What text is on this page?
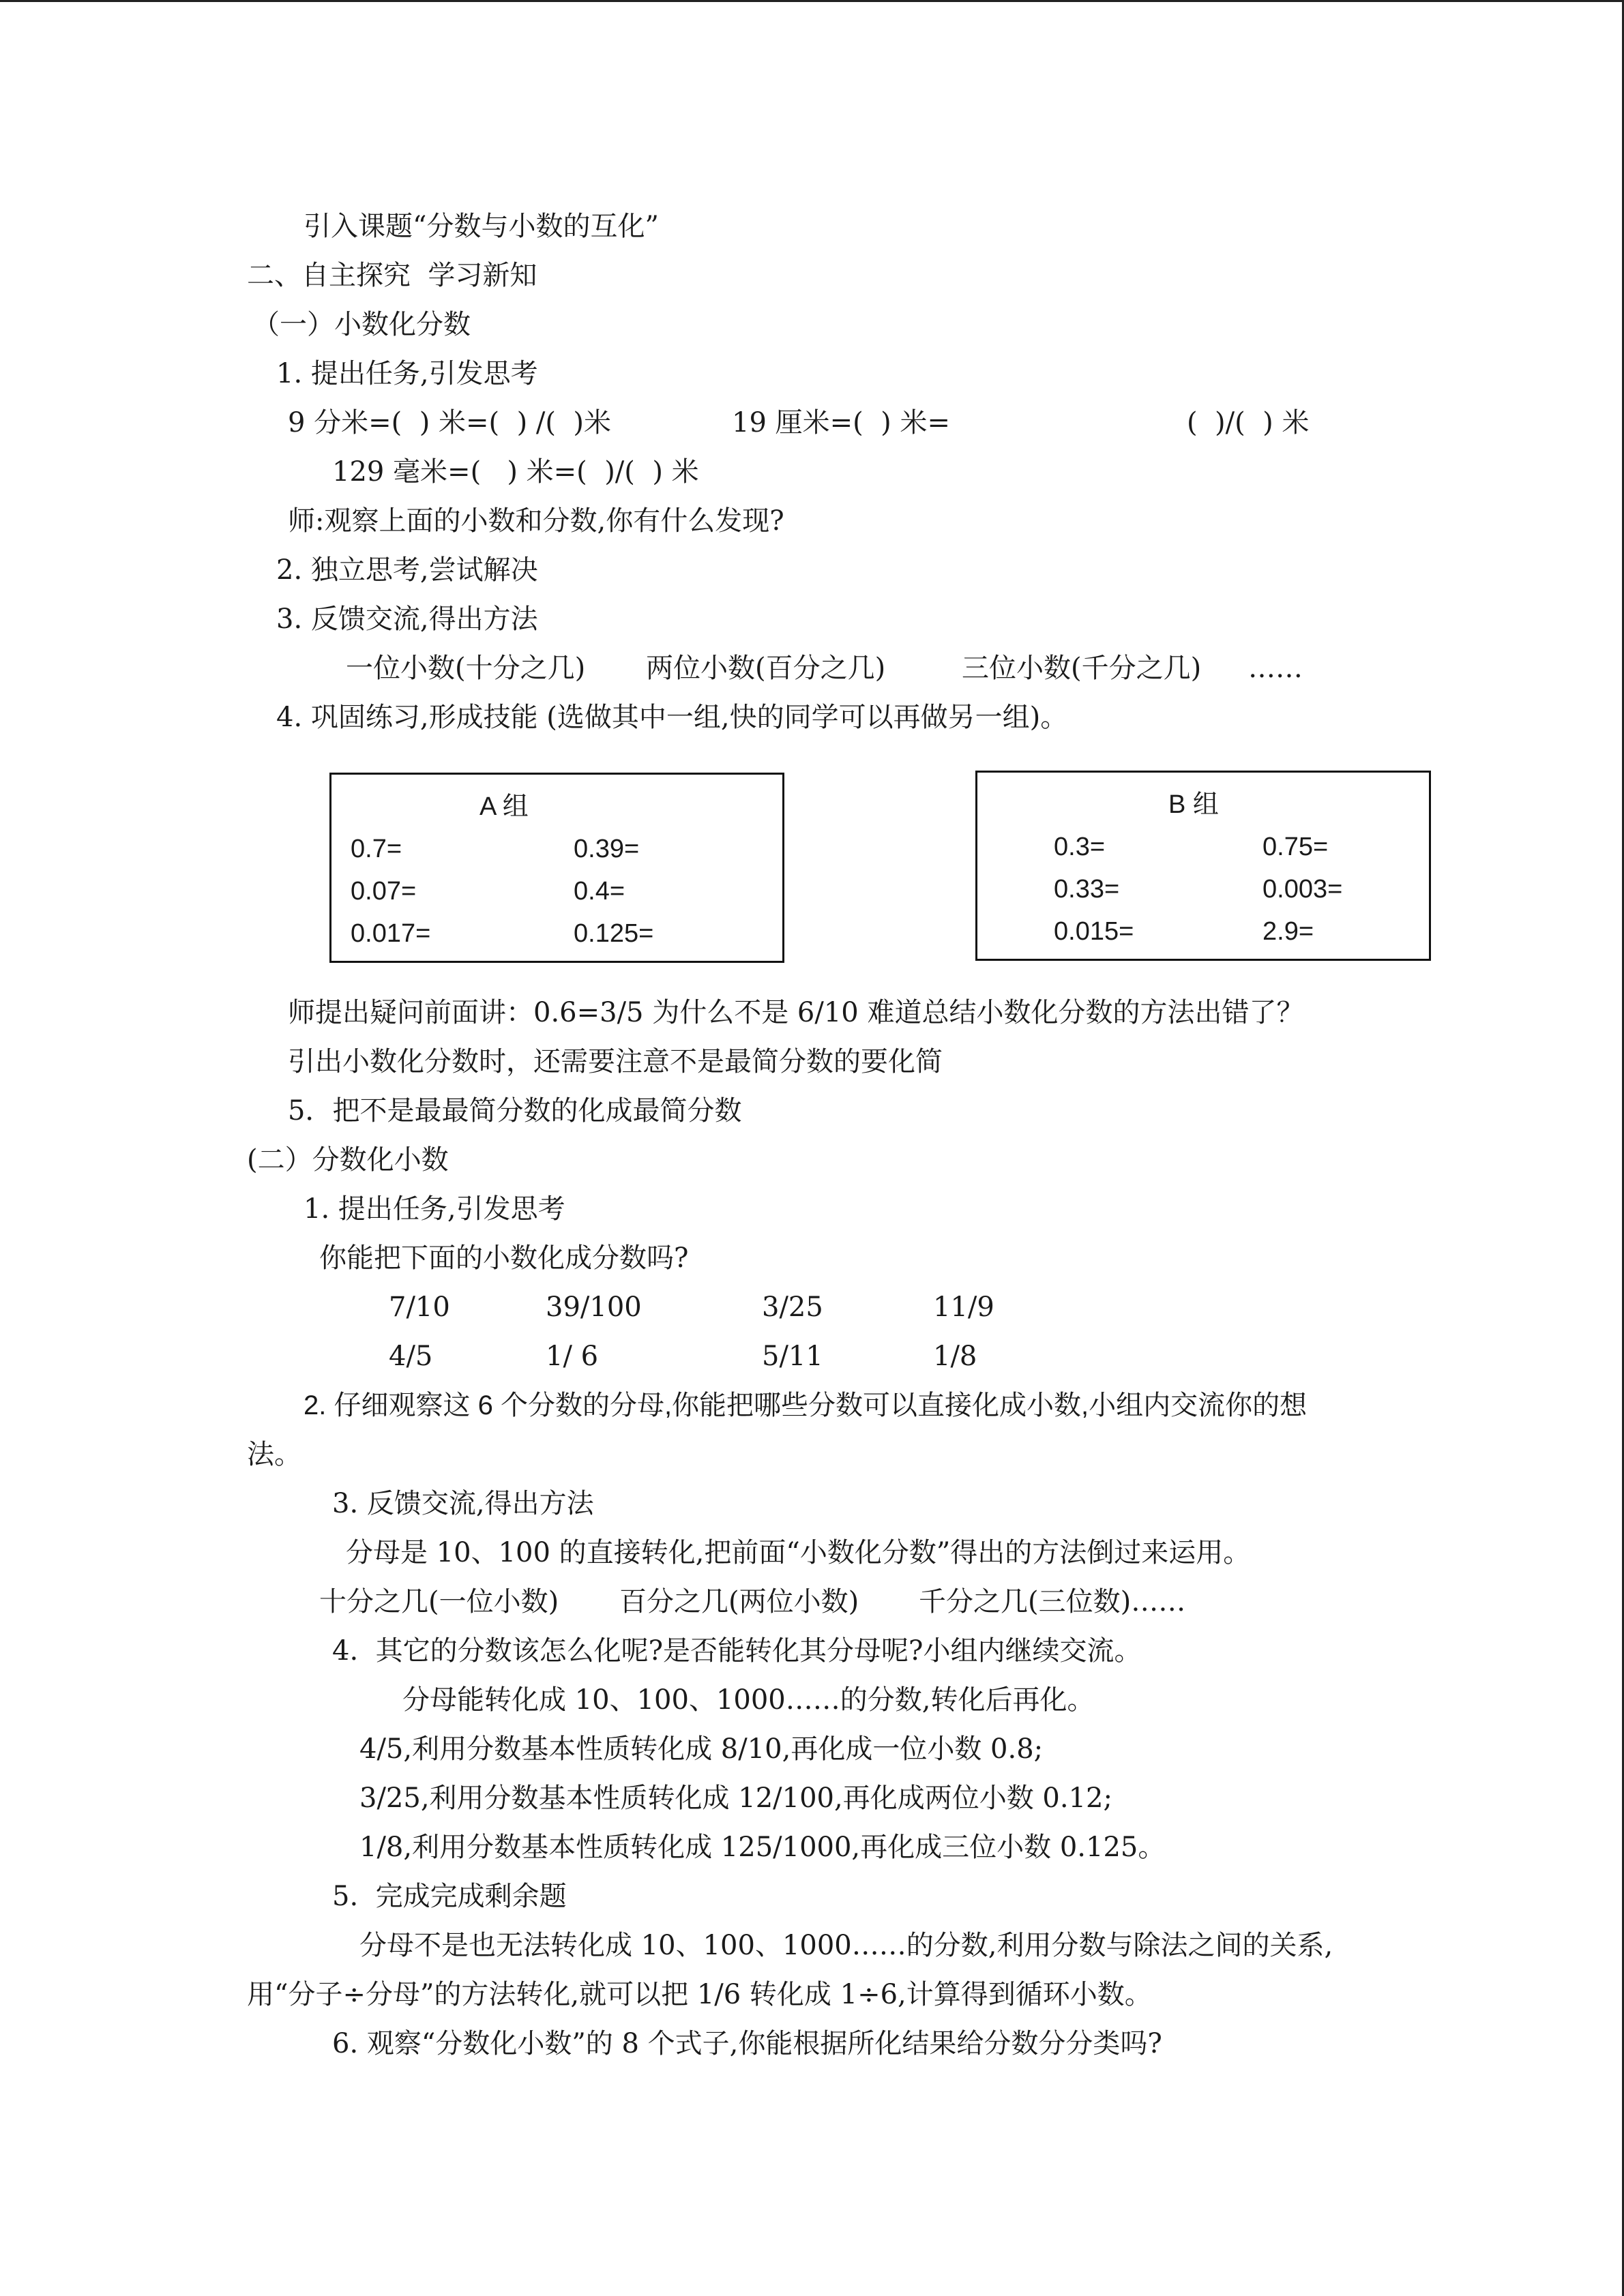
引入课题“分数与小数的互化”
二、自主探究  学习新知
（一）小数化分数
1. 提出任务,引发思考
9 分米=(  ) 米=(  ) /(  )米	19 厘米=(  ) 米=	(  )/(  ) 米
129 毫米=(   ) 米=(  )/(  ) 米
师:观察上面的小数和分数,你有什么发现?
2. 独立思考,尝试解决
3. 反馈交流,得出方法
一位小数(十分之几) 两位小数(百分之几)	三位小数(千分之几) ……
4. 巩固练习,形成技能 (选做其中一组,快的同学可以再做另一组)。
A 组
0.7=	0.39=
0.07=	0.4=
0.017=	0.125=
B 组
0.3=	0.75=
0.33=	0.003=
0.015=	2.9=
师提出疑问前面讲：0.6=3/5 为什么不是 6/10 难道总结小数化分数的方法出错了？
引出小数化分数时，还需要注意不是最简分数的要化简
5．把不是最最简分数的化成最简分数
(二）分数化小数
1. 提出任务,引发思考
你能把下面的小数化成分数吗?
7/10	39/100	3/25	11/9
4/5	1/ 6	5/11	1/8
2. 仔细观察这 6 个分数的分母,你能把哪些分数可以直接化成小数,小组内交流你的想
法。
3. 反馈交流,得出方法
分母是 10、100 的直接转化,把前面“小数化分数”得出的方法倒过来运用。
十分之几(一位小数) 百分之几(两位小数) 千分之几(三位数)……
4.  其它的分数该怎么化呢?是否能转化其分母呢?小组内继续交流。
分母能转化成 10、100、1000……的分数,转化后再化。
4/5,利用分数基本性质转化成 8/10,再化成一位小数 0.8;
3/25,利用分数基本性质转化成 12/100,再化成两位小数 0.12;
1/8,利用分数基本性质转化成 125/1000,再化成三位小数 0.125。
5.  完成完成剩余题
分母不是也无法转化成 10、100、1000……的分数,利用分数与除法之间的关系,
用“分子÷分母”的方法转化,就可以把 1/6 转化成 1÷6,计算得到循环小数。
6. 观察“分数化小数”的 8 个式子,你能根据所化结果给分数分分类吗?
